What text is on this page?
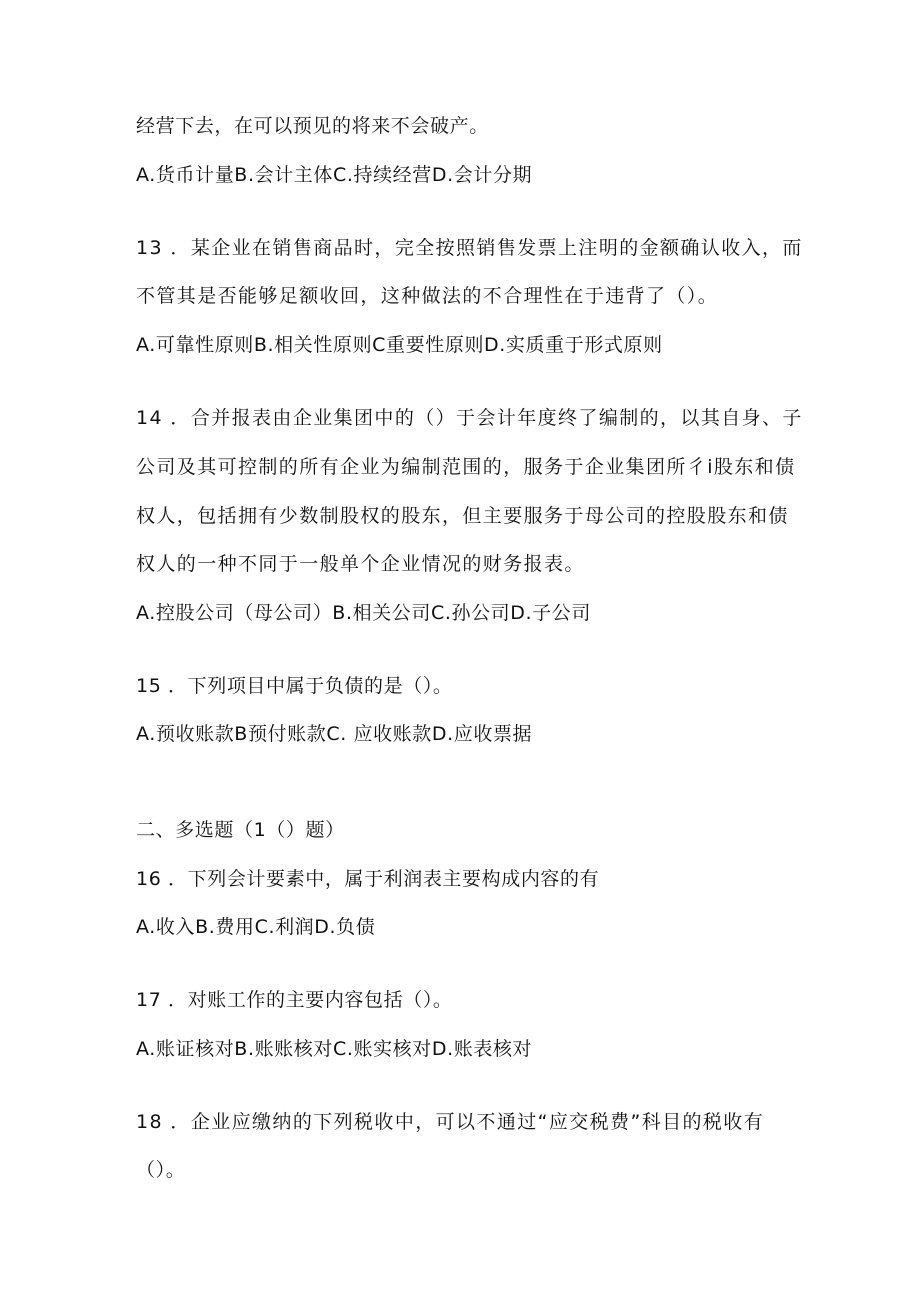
经营下去，在可以预见的将来不会破产。
A.货币计量B.会计主体C.持续经营D.会计分期
13 ．某企业在销售商品时，完全按照销售发票上注明的金额确认收入，而
不管其是否能够足额收回，这种做法的不合理性在于违背了（）。
A.可靠性原则B.相关性原则C重要性原则D.实质重于形式原则
14 ．合并报表由企业集团中的（）于会计年度终了编制的，以其自身、子
公司及其可控制的所有企业为编制范围的，服务于企业集团所彳i股东和债
权人，包括拥有少数制股权的股东，但主要服务于母公司的控股股东和债
权人的一种不同于一般单个企业情况的财务报表。
A.控股公司（母公司）B.相关公司C.孙公司D.子公司
15 ．下列项目中属于负债的是（）。
A.预收账款B预付账款C. 应收账款D.应收票据
二、多选题（1（）题）
16 ．下列会计要素中，属于利润表主要构成内容的有
A.收入B.费用C.利润D.负债
17 ．对账工作的主要内容包括（）。
A.账证核对B.账账核对C.账实核对D.账表核对
18 ．企业应缴纳的下列税收中，可以不通过“应交税费”科目的税收有
（）。
